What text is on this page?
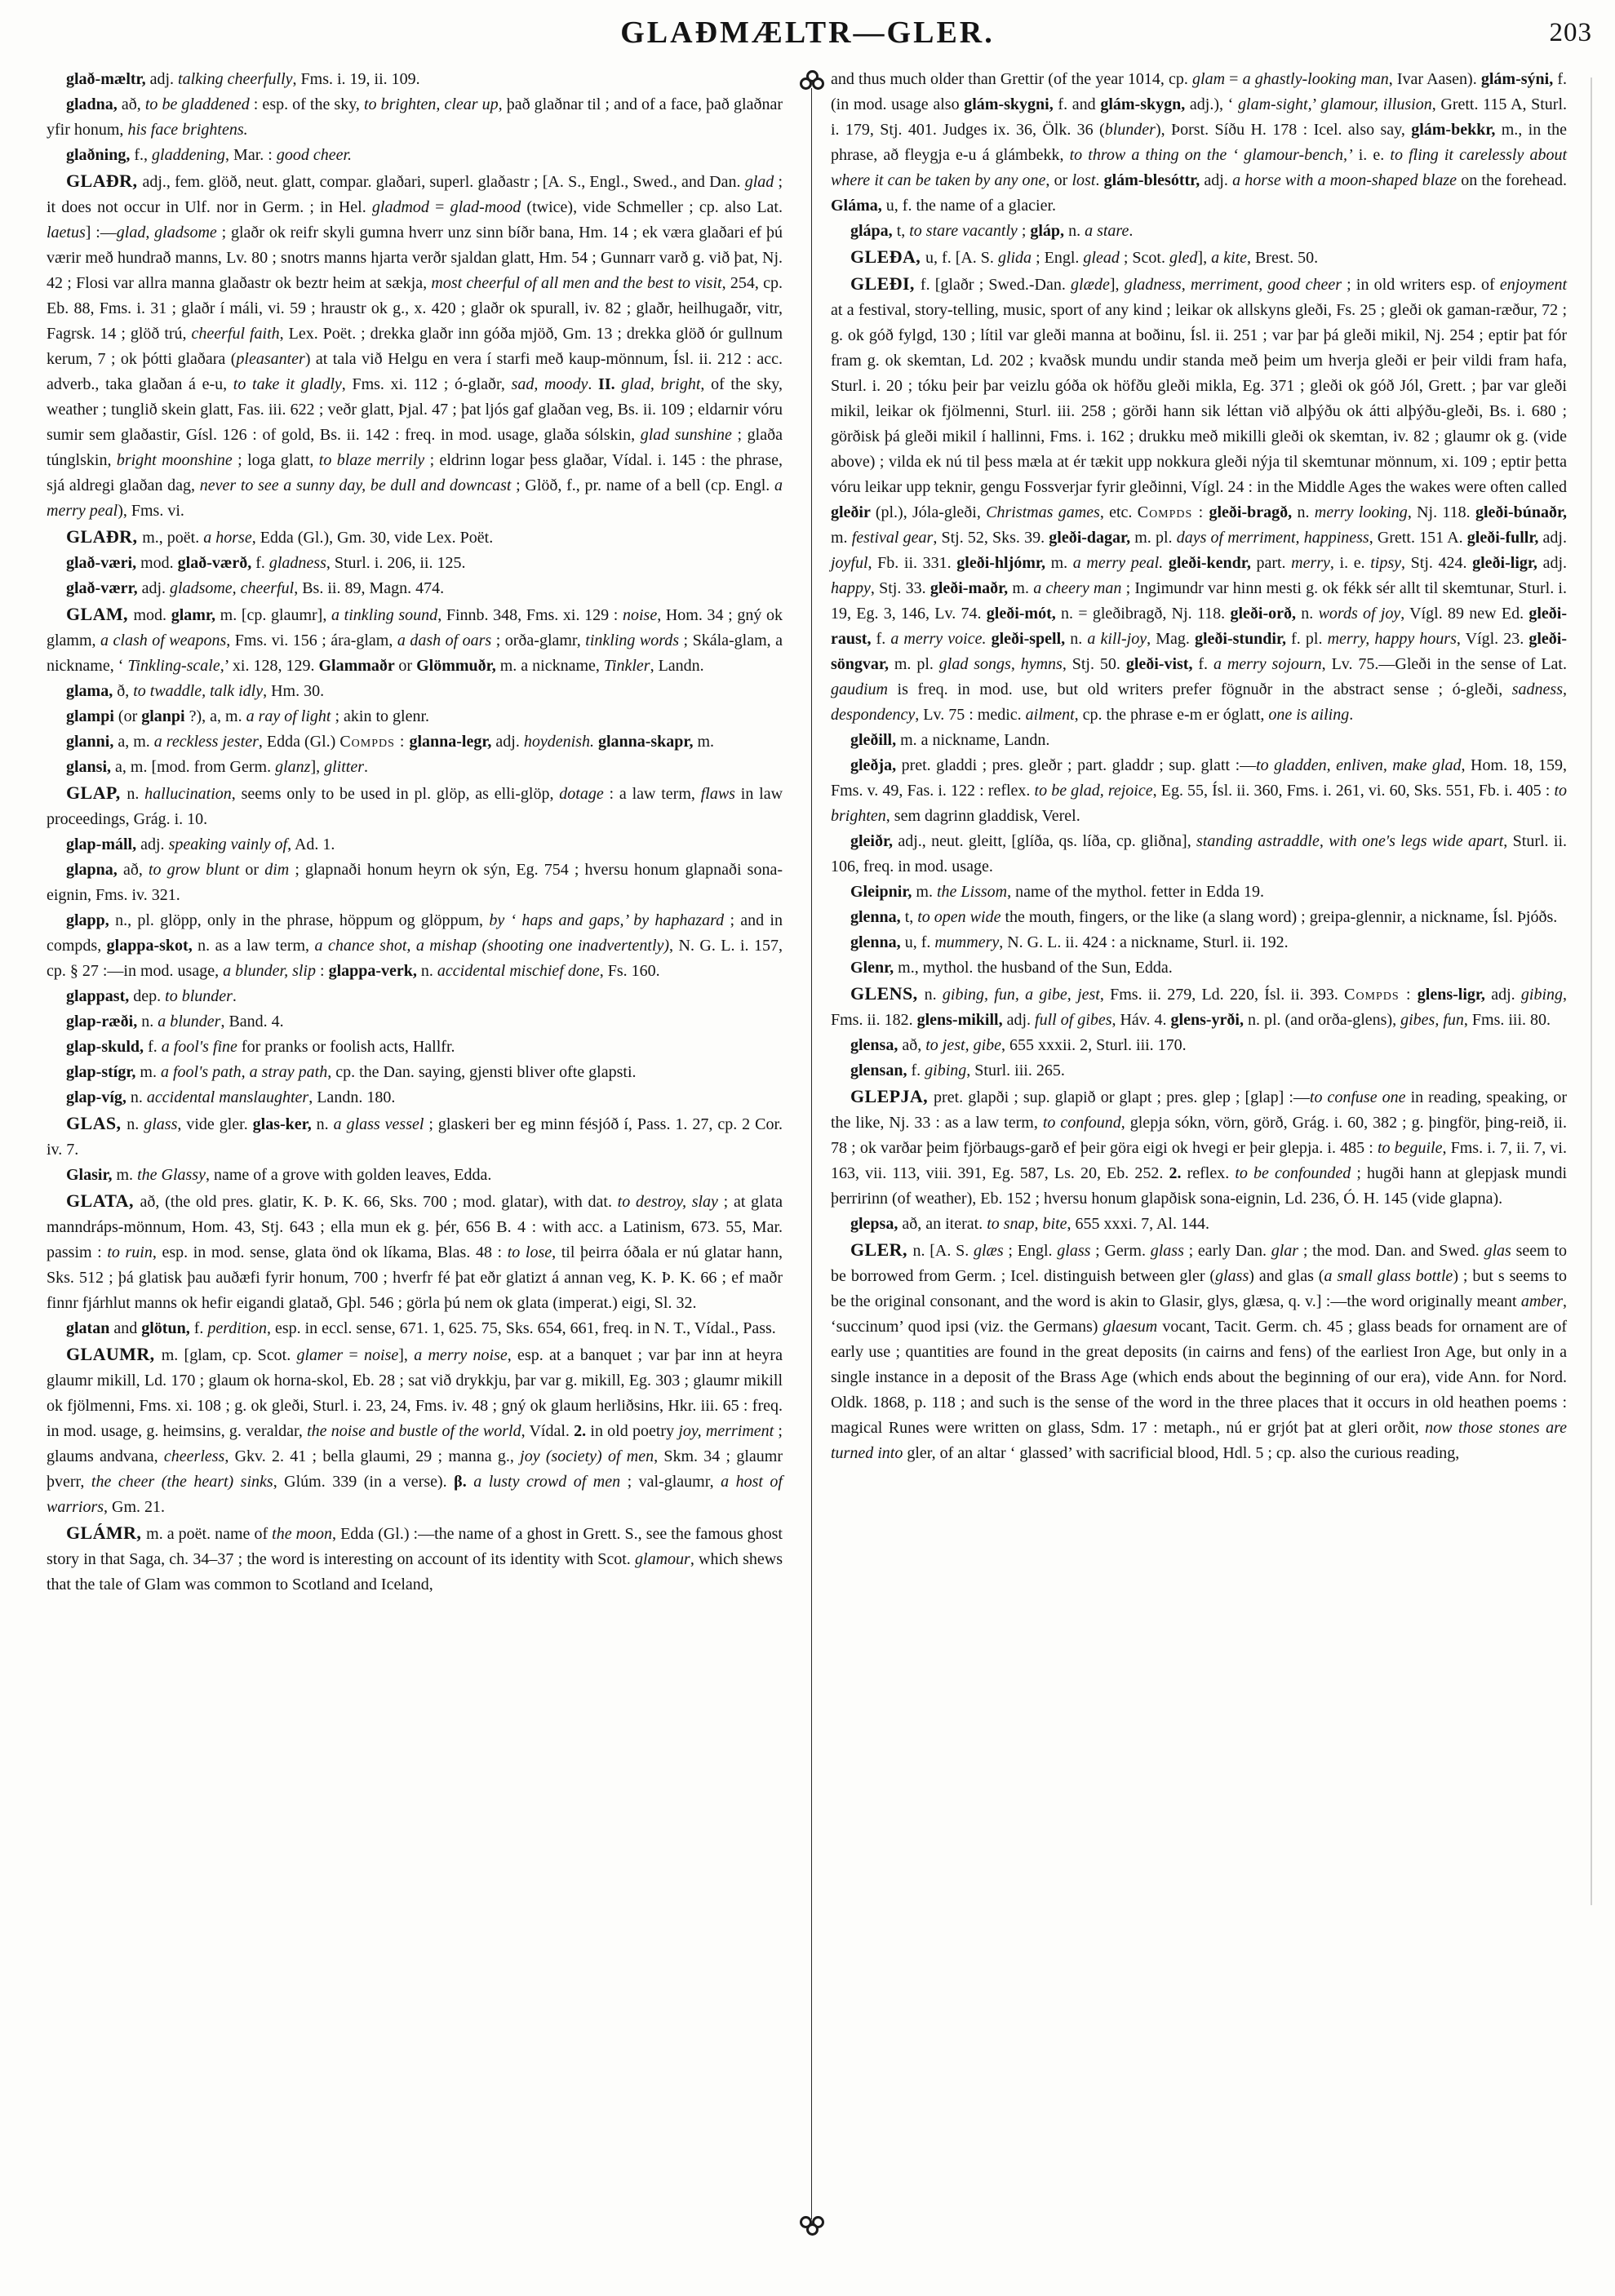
GLAÐMÆLTR—GLER.	203

glað-mæltr, adj. talking cheerfully, Fms. i. 19, ii. 109.

gladna, að, to be gladdened : esp. of the sky, to brighten, clear up, það glaðnar til ; and of a face, það glaðnar yfir honum, his face brightens.

glaðning, f., gladdening, Mar. : good cheer.

GLAÐR, adj., fem. glöð, neut. glatt, compar. glaðari, superl. glaðastr ; [A. S., Engl., Swed., and Dan. glad ; it does not occur in Ulf. nor in Germ. ; in Hel. gladmod = glad-mood (twice), vide Schmeller ; cp. also Lat. laetus] :—glad, gladsome ; glaðr ok reifr skyli gumna hverr unz sinn bíðr bana, Hm. 14 ; ek væra glaðari ef þú værir með hundrað manns, Lv. 80 ; snotrs manns hjarta verðr sjaldan glatt, Hm. 54 ; Gunnarr varð g. við þat, Nj. 42 ; Flosi var allra manna glaðastr ok beztr heim at sækja, most cheerful of all men and the best to visit, 254, cp. Eb. 88, Fms. i. 31 ; glaðr í máli, vi. 59 ; hraustr ok g., x. 420 ; glaðr ok spurall, iv. 82 ; glaðr, heilhugaðr, vitr, Fagrsk. 14 ; glöð trú, cheerful faith, Lex. Poët. ; drekka glaðr inn góða mjöð, Gm. 13 ; drekka glöð ór gullnum kerum, 7 ; ok þótti glaðara (pleasanter) at tala við Helgu en vera í starfi með kaup-mönnum, Ísl. ii. 212 : acc. adverb., taka glaðan á e-u, to take it gladly, Fms. xi. 112 ; ó-glaðr, sad, moody. II. glad, bright, of the sky, weather ; tunglið skein glatt, Fas. iii. 622 ; veðr glatt, Þjal. 47 ; þat ljós gaf glaðan veg, Bs. ii. 109 ; eldarnir vóru sumir sem glaðastir, Gísl. 126 : of gold, Bs. ii. 142 : freq. in mod. usage, glaða sólskin, glad sunshine ; glaða túnglskin, bright moonshine ; loga glatt, to blaze merrily ; eldrinn logar þess glaðar, Vídal. i. 145 : the phrase, sjá aldregi glaðan dag, never to see a sunny day, be dull and downcast ; Glöð, f., pr. name of a bell (cp. Engl. a merry peal), Fms. vi.

GLAÐR, m., poët. a horse, Edda (Gl.), Gm. 30, vide Lex. Poët.

glað-væri, mod. glað-værð, f. gladness, Sturl. i. 206, ii. 125.

glað-værr, adj. gladsome, cheerful, Bs. ii. 89, Magn. 474.

GLAM, mod. glamr, m. [cp. glaumr], a tinkling sound, Finnb. 348, Fms. xi. 129 : noise, Hom. 34 ; gný ok glamm, a clash of weapons, Fms. vi. 156 ; ára-glam, a dash of oars ; orða-glamr, tinkling words ; Skála-glam, a nickname, ‘ Tinkling-scale,’ xi. 128, 129. Glammaðr or Glömmuðr, m. a nickname, Tinkler, Landn.

glama, ð, to twaddle, talk idly, Hm. 30.

glampi (or glanpi ?), a, m. a ray of light ; akin to glenr.

glanni, a, m. a reckless jester, Edda (Gl.) Compds : glanna-legr, adj. hoydenish. glanna-skapr, m.

glansi, a, m. [mod. from Germ. glanz], glitter.

GLAP, n. hallucination, seems only to be used in pl. glöp, as elli-glöp, dotage : a law term, flaws in law proceedings, Grág. i. 10.

glap-máll, adj. speaking vainly of, Ad. 1.

glapna, að, to grow blunt or dim ; glapnaði honum heyrn ok sýn, Eg. 754 ; hversu honum glapnaði sona-eignin, Fms. iv. 321.

glapp, n., pl. glöpp, only in the phrase, höppum og glöppum, by ‘ haps and gaps,’ by haphazard ; and in compds, glappa-skot, n. as a law term, a chance shot, a mishap (shooting one inadvertently), N. G. L. i. 157, cp. § 27 :—in mod. usage, a blunder, slip : glappa-verk, n. accidental mischief done, Fs. 160.

glappast, dep. to blunder.

glap-ræði, n. a blunder, Band. 4.

glap-skuld, f. a fool's fine for pranks or foolish acts, Hallfr.

glap-stígr, m. a fool's path, a stray path, cp. the Dan. saying, gjensti bliver ofte glapsti.

glap-víg, n. accidental manslaughter, Landn. 180.

GLAS, n. glass, vide gler. glas-ker, n. a glass vessel ; glaskeri ber eg minn fésjóð í, Pass. 1. 27, cp. 2 Cor. iv. 7.

Glasir, m. the Glassy, name of a grove with golden leaves, Edda.

GLATA, að, (the old pres. glatir, K. Þ. K. 66, Sks. 700 ; mod. glatar), with dat. to destroy, slay ; at glata manndráps-mönnum, Hom. 43, Stj. 643 ; ella mun ek g. þér, 656 B. 4 : with acc. a Latinism, 673. 55, Mar. passim : to ruin, esp. in mod. sense, glata önd ok líkama, Blas. 48 : to lose, til þeirra óðala er nú glatar hann, Sks. 512 ; þá glatisk þau auðæfi fyrir honum, 700 ; hverfr fé þat eðr glatizt á annan veg, K. Þ. K. 66 ; ef maðr finnr fjárhlut manns ok hefir eigandi glatað, Gþl. 546 ; görla þú nem ok glata (imperat.) eigi, Sl. 32.

glatan and glötun, f. perdition, esp. in eccl. sense, 671. 1, 625. 75, Sks. 654, 661, freq. in N. T., Vídal., Pass.

GLAUMR, m. [glam, cp. Scot. glamer = noise], a merry noise, esp. at a banquet ; var þar inn at heyra glaumr mikill, Ld. 170 ; glaum ok horna-skol, Eb. 28 ; sat við drykkju, þar var g. mikill, Eg. 303 ; glaumr mikill ok fjölmenni, Fms. xi. 108 ; g. ok gleði, Sturl. i. 23, 24, Fms. iv. 48 ; gný ok glaum herliðsins, Hkr. iii. 65 : freq. in mod. usage, g. heimsins, g. veraldar, the noise and bustle of the world, Vídal. 2. in old poetry joy, merriment ; glaums andvana, cheerless, Gkv. 2. 41 ; bella glaumi, 29 ; manna g., joy (society) of men, Skm. 34 ; glaumr þverr, the cheer (the heart) sinks, Glúm. 339 (in a verse). β. a lusty crowd of men ; val-glaumr, a host of warriors, Gm. 21.

GLÁMR, m. a poët. name of the moon, Edda (Gl.) :—the name of a ghost in Grett. S., see the famous ghost story in that Saga, ch. 34–37 ; the word is interesting on account of its identity with Scot. glamour, which shews that the tale of Glam was common to Scotland and Iceland,

and thus much older than Grettir (of the year 1014, cp. glam = a ghastly-looking man, Ivar Aasen). glám-sýni, f. (in mod. usage also glám-skygni, f. and glám-skygn, adj.), ‘ glam-sight,’ glamour, illusion, Grett. 115 A, Sturl. i. 179, Stj. 401. Judges ix. 36, Ölk. 36 (blunder), Þorst. Síðu H. 178 : Icel. also say, glám-bekkr, m., in the phrase, að fleygja e-u á glámbekk, to throw a thing on the ‘ glamour-bench,’ i. e. to fling it carelessly about where it can be taken by any one, or lost. glám-blesóttr, adj. a horse with a moon-shaped blaze on the forehead. Gláma, u, f. the name of a glacier.

glápa, t, to stare vacantly ; gláp, n. a stare.

GLEÐA, u, f. [A. S. glida ; Engl. glead ; Scot. gled], a kite, Brest. 50.

GLEÐI, f. [glaðr ; Swed.-Dan. glæde], gladness, merriment, good cheer ; in old writers esp. of enjoyment at a festival, story-telling, music, sport of any kind ; leikar ok allskyns gleði, Fs. 25 ; gleði ok gaman-ræður, 72 ; g. ok góð fylgd, 130 ; lítil var gleði manna at boðinu, Ísl. ii. 251 ; var þar þá gleði mikil, Nj. 254 ; eptir þat fór fram g. ok skemtan, Ld. 202 ; kvaðsk mundu undir standa með þeim um hverja gleði er þeir vildi fram hafa, Sturl. i. 20 ; tóku þeir þar veizlu góða ok höfðu gleði mikla, Eg. 371 ; gleði ok góð Jól, Grett. ; þar var gleði mikil, leikar ok fjölmenni, Sturl. iii. 258 ; görði hann sik léttan við alþýðu ok átti alþýðu-gleði, Bs. i. 680 ; görðisk þá gleði mikil í hallinni, Fms. i. 162 ; drukku með mikilli gleði ok skemtan, iv. 82 ; glaumr ok g. (vide above) ; vilda ek nú til þess mæla at ér tækit upp nokkura gleði nýja til skemtunar mönnum, xi. 109 ; eptir þetta vóru leikar upp teknir, gengu Fossverjar fyrir gleðinni, Vígl. 24 : in the Middle Ages the wakes were often called gleðir (pl.), Jóla-gleði, Christmas games, etc. Compds : gleði-bragð, n. merry looking, Nj. 118. gleði-búnaðr, m. festival gear, Stj. 52, Sks. 39. gleði-dagar, m. pl. days of merriment, happiness, Grett. 151 A. gleði-fullr, adj. joyful, Fb. ii. 331. gleði-hljómr, m. a merry peal. gleði-kendr, part. merry, i. e. tipsy, Stj. 424. gleði-ligr, adj. happy, Stj. 33. gleði-maðr, m. a cheery man ; Ingimundr var hinn mesti g. ok fékk sér allt til skemtunar, Sturl. i. 19, Eg. 3, 146, Lv. 74. gleði-mót, n. = gleðibragð, Nj. 118. gleði-orð, n. words of joy, Vígl. 89 new Ed. gleði-raust, f. a merry voice. gleði-spell, n. a kill-joy, Mag. gleði-stundir, f. pl. merry, happy hours, Vígl. 23. gleði-söngvar, m. pl. glad songs, hymns, Stj. 50. gleði-vist, f. a merry sojourn, Lv. 75.—Gleði in the sense of Lat. gaudium is freq. in mod. use, but old writers prefer fögnuðr in the abstract sense ; ó-gleði, sadness, despondency, Lv. 75 : medic. ailment, cp. the phrase e-m er óglatt, one is ailing.

gleðill, m. a nickname, Landn.

gleðja, pret. gladdi ; pres. gleðr ; part. gladdr ; sup. glatt :—to gladden, enliven, make glad, Hom. 18, 159, Fms. v. 49, Fas. i. 122 : reflex. to be glad, rejoice, Eg. 55, Ísl. ii. 360, Fms. i. 261, vi. 60, Sks. 551, Fb. i. 405 : to brighten, sem dagrinn gladdisk, Verel.

gleiðr, adj., neut. gleitt, [glíða, qs. líða, cp. gliðna], standing astraddle, with one's legs wide apart, Sturl. ii. 106, freq. in mod. usage.

Gleipnir, m. the Lissom, name of the mythol. fetter in Edda 19.

glenna, t, to open wide the mouth, fingers, or the like (a slang word) ; greipa-glennir, a nickname, Ísl. Þjóðs.

glenna, u, f. mummery, N. G. L. ii. 424 : a nickname, Sturl. ii. 192.

Glenr, m., mythol. the husband of the Sun, Edda.

GLENS, n. gibing, fun, a gibe, jest, Fms. ii. 279, Ld. 220, Ísl. ii. 393. Compds : glens-ligr, adj. gibing, Fms. ii. 182. glens-mikill, adj. full of gibes, Háv. 4. glens-yrði, n. pl. (and orða-glens), gibes, fun, Fms. iii. 80.

glensa, að, to jest, gibe, 655 xxxii. 2, Sturl. iii. 170.

glensan, f. gibing, Sturl. iii. 265.

GLEPJA, pret. glapði ; sup. glapið or glapt ; pres. glep ; [glap] :—to confuse one in reading, speaking, or the like, Nj. 33 : as a law term, to confound, glepja sókn, vörn, görð, Grág. i. 60, 382 ; g. þingför, þing-reið, ii. 78 ; ok varðar þeim fjörbaugs-garð ef þeir göra eigi ok hvegi er þeir glepja. i. 485 : to beguile, Fms. i. 7, ii. 7, vi. 163, vii. 113, viii. 391, Eg. 587, Ls. 20, Eb. 252. 2. reflex. to be confounded ; hugði hann at glepjask mundi þerririnn (of weather), Eb. 152 ; hversu honum glapðisk sona-eignin, Ld. 236, Ó. H. 145 (vide glapna).

glepsa, að, an iterat. to snap, bite, 655 xxxi. 7, Al. 144.

GLER, n. [A. S. glæs ; Engl. glass ; Germ. glass ; early Dan. glar ; the mod. Dan. and Swed. glas seem to be borrowed from Germ. ; Icel. distinguish between gler (glass) and glas (a small glass bottle) ; but s seems to be the original consonant, and the word is akin to Glasir, glys, glæsa, q. v.] :—the word originally meant amber, ‘succinum’ quod ipsi (viz. the Germans) glaesum vocant, Tacit. Germ. ch. 45 ; glass beads for ornament are of early use ; quantities are found in the great deposits (in cairns and fens) of the earliest Iron Age, but only in a single instance in a deposit of the Brass Age (which ends about the beginning of our era), vide Ann. for Nord. Oldk. 1868, p. 118 ; and such is the sense of the word in the three places that it occurs in old heathen poems : magical Runes were written on glass, Sdm. 17 : metaph., nú er grjót þat at gleri orðit, now those stones are turned into gler, of an altar ‘ glassed’ with sacrificial blood, Hdl. 5 ; cp. also the curious reading,
